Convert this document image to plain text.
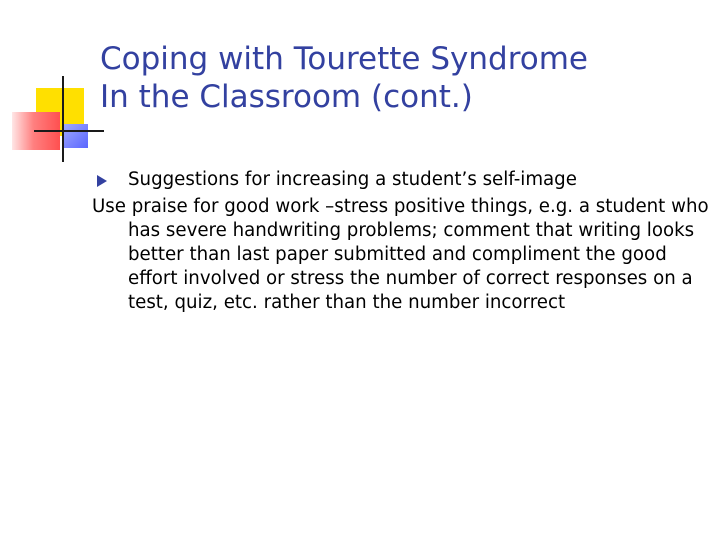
Coping with Tourette Syndrome
In the Classroom (cont.)
Suggestions for increasing a student’s self-image
Use praise for good work –stress positive things, e.g. a student who has severe handwriting problems; comment that writing looks better than last paper submitted and compliment the good effort involved or stress the number of correct responses on a test, quiz, etc. rather than the number incorrect
